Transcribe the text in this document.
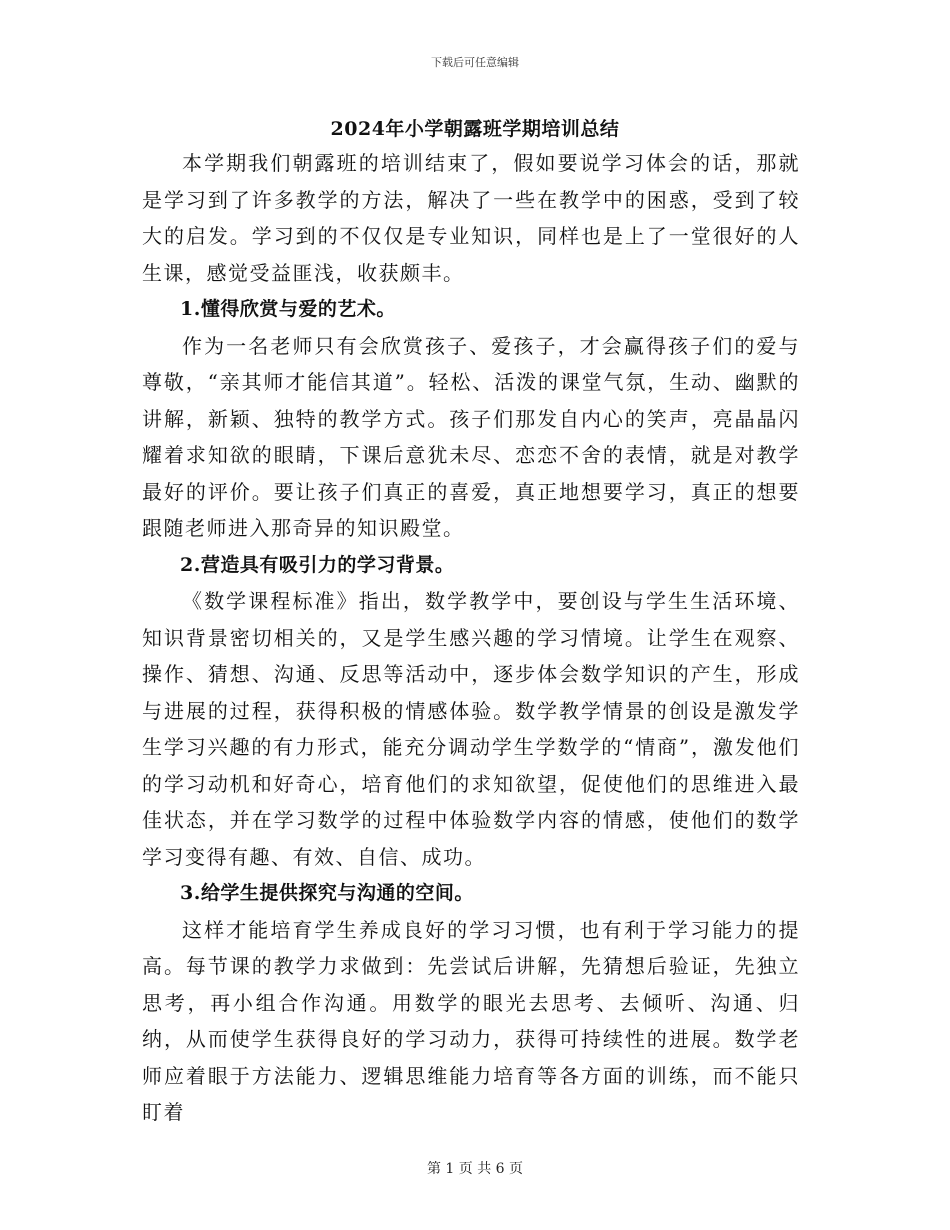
下载后可任意编辑
2024年小学朝露班学期培训总结

本学期我们朝露班的培训结束了，假如要说学习体会的话，那就是学习到了许多教学的方法，解决了一些在教学中的困惑，受到了较大的启发。学习到的不仅仅是专业知识，同样也是上了一堂很好的人生课，感觉受益匪浅，收获颇丰。

1.懂得欣赏与爱的艺术。

作为一名老师只有会欣赏孩子、爱孩子，才会赢得孩子们的爱与尊敬，“亲其师才能信其道”。轻松、活泼的课堂气氛，生动、幽默的讲解，新颖、独特的教学方式。孩子们那发自内心的笑声，亮晶晶闪耀着求知欲的眼睛，下课后意犹未尽、恋恋不舍的表情，就是对教学最好的评价。要让孩子们真正的喜爱，真正地想要学习，真正的想要跟随老师进入那奇异的知识殿堂。

2.营造具有吸引力的学习背景。

《数学课程标准》指出，数学教学中，要创设与学生生活环境、知识背景密切相关的，又是学生感兴趣的学习情境。让学生在观察、操作、猜想、沟通、反思等活动中，逐步体会数学知识的产生，形成与进展的过程，获得积极的情感体验。数学教学情景的创设是激发学生学习兴趣的有力形式，能充分调动学生学数学的“情商”，激发他们的学习动机和好奇心，培育他们的求知欲望，促使他们的思维进入最佳状态，并在学习数学的过程中体验数学内容的情感，使他们的数学学习变得有趣、有效、自信、成功。

3.给学生提供探究与沟通的空间。

这样才能培育学生养成良好的学习习惯，也有利于学习能力的提高。每节课的教学力求做到：先尝试后讲解，先猜想后验证，先独立思考，再小组合作沟通。用数学的眼光去思考、去倾听、沟通、归纳，从而使学生获得良好的学习动力，获得可持续性的进展。数学老师应着眼于方法能力、逻辑思维能力培育等各方面的训练，而不能只盯着

第 1 页 共 6 页
